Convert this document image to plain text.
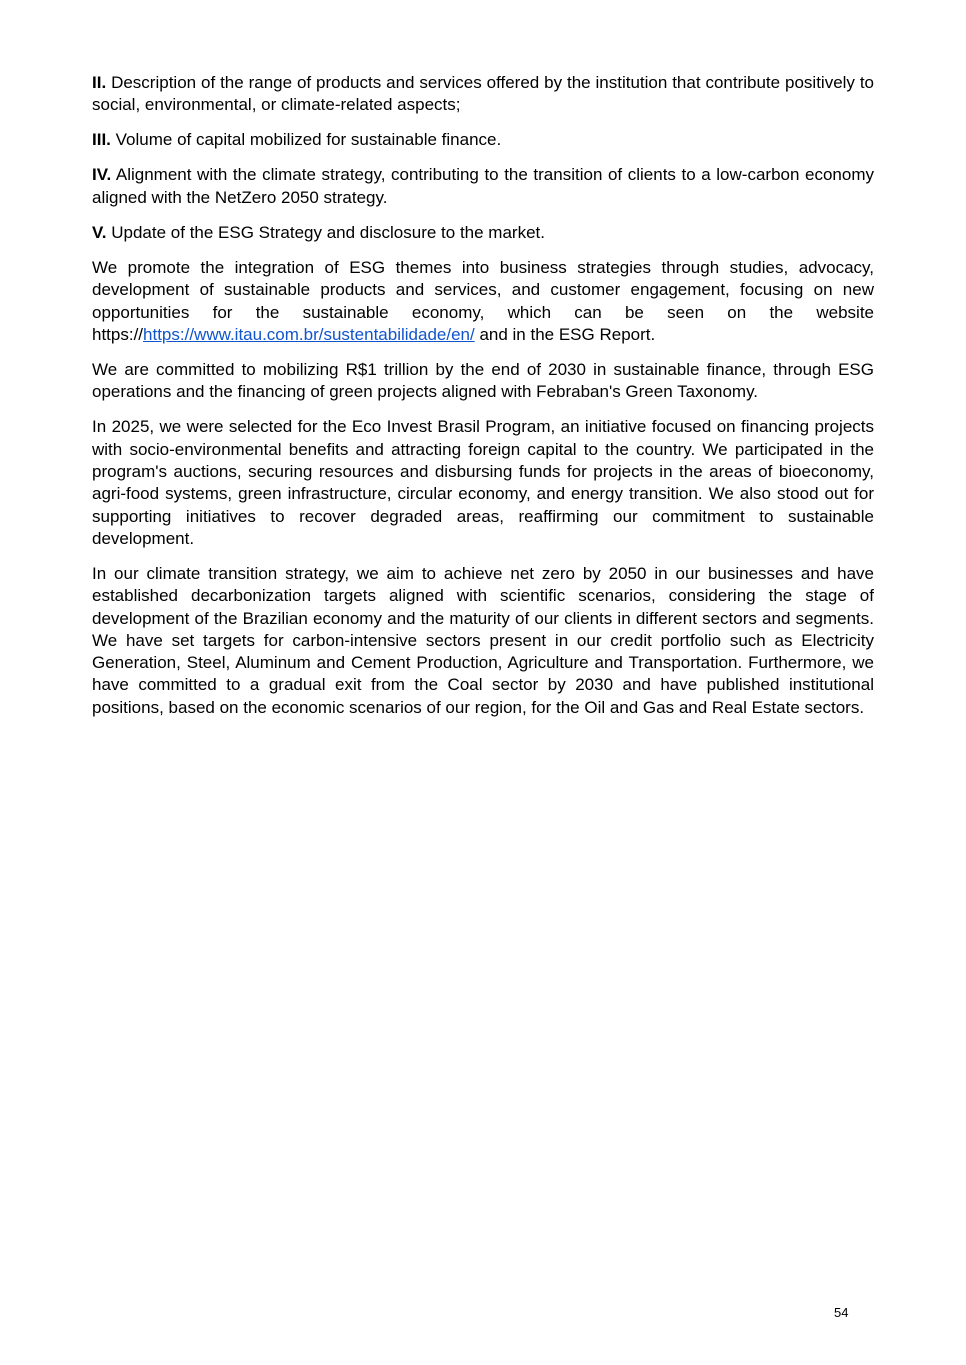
II. Description of the range of products and services offered by the institution that contribute positively to social, environmental, or climate-related aspects;

III. Volume of capital mobilized for sustainable finance.

IV. Alignment with the climate strategy, contributing to the transition of clients to a low-carbon economy aligned with the NetZero 2050 strategy.

V. Update of the ESG Strategy and disclosure to the market.

We promote the integration of ESG themes into business strategies through studies, advocacy, development of sustainable products and services, and customer engagement, focusing on new opportunities for the sustainable economy, which can be seen on the website https://https://www.itau.com.br/sustentabilidade/en/ and in the ESG Report.

We are committed to mobilizing R$1 trillion by the end of 2030 in sustainable finance, through ESG operations and the financing of green projects aligned with Febraban's Green Taxonomy.

In 2025, we were selected for the Eco Invest Brasil Program, an initiative focused on financing projects with socio-environmental benefits and attracting foreign capital to the country. We participated in the program's auctions, securing resources and disbursing funds for projects in the areas of bioeconomy, agri-food systems, green infrastructure, circular economy, and energy transition. We also stood out for supporting initiatives to recover degraded areas, reaffirming our commitment to sustainable development.

In our climate transition strategy, we aim to achieve net zero by 2050 in our businesses and have established decarbonization targets aligned with scientific scenarios, considering the stage of development of the Brazilian economy and the maturity of our clients in different sectors and segments. We have set targets for carbon-intensive sectors present in our credit portfolio such as Electricity Generation, Steel, Aluminum and Cement Production, Agriculture and Transportation. Furthermore, we have committed to a gradual exit from the Coal sector by 2030 and have published institutional positions, based on the economic scenarios of our region, for the Oil and Gas and Real Estate sectors.

54
